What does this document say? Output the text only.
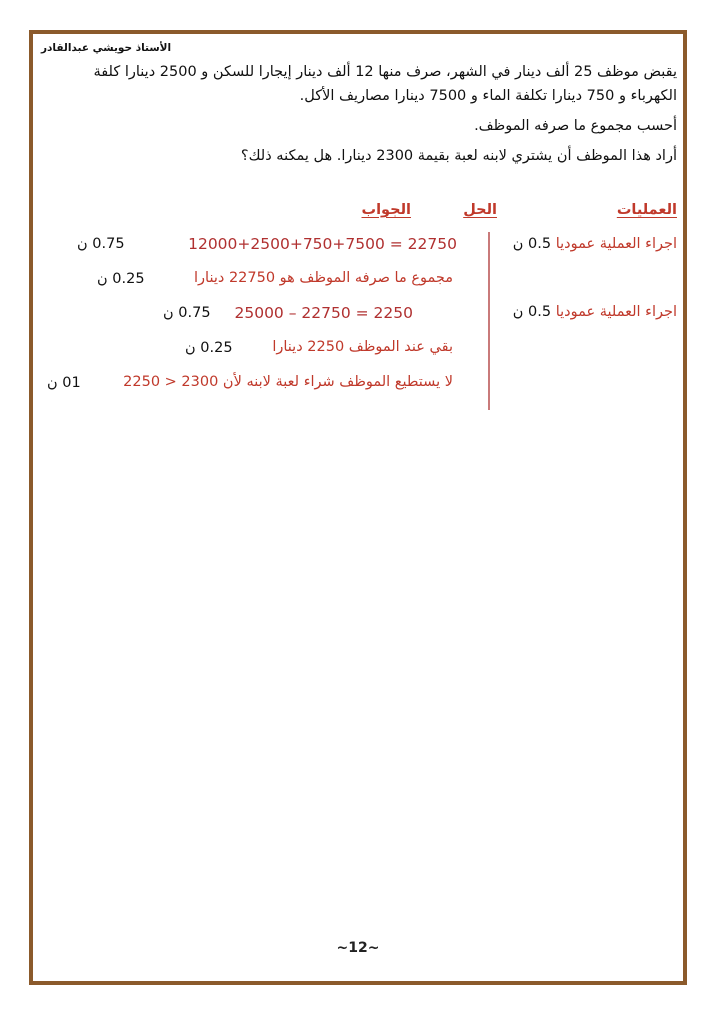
الأستاذ حويشي عبدالقادر
يقبض موظف 25 ألف دينار في الشهر، صرف منها 12 ألف دينار إيجارا للسكن و 2500 دينارا كلفة
الكهرباء و 750 دينارا تكلفة الماء و 7500 دينارا مصاريف الأكل.
أحسب مجموع ما صرفه الموظف.
أراد هذا الموظف أن يشتري لابنه لعبة بقيمة 2300 دينارا. هل يمكنه ذلك؟
العمليات
الحل
الجواب
اجراء العملية عموديا 0.5 ن
اجراء العملية عموديا 0.5 ن
12000+2500+750+7500 = 22750
0.75 ن
مجموع ما صرفه الموظف هو 22750 دينارا
0.25 ن
25000 – 22750 = 2250
0.75 ن
بقي عند الموظف 2250 دينارا
0.25 ن
لا يستطيع الموظف شراء لعبة لابنه لأن 2300 < 2250
01 ن
~12~
